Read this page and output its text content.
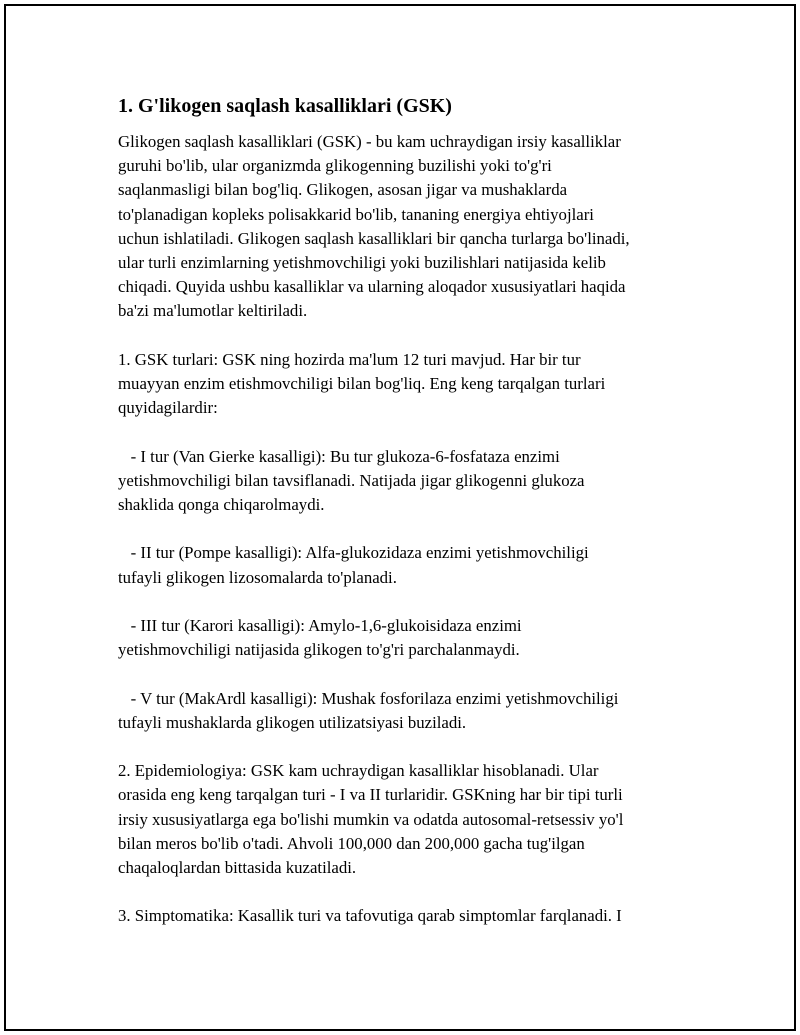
1. G'likogen saqlash kasalliklari (GSK)

Glikogen saqlash kasalliklari (GSK) - bu kam uchraydigan irsiy kasalliklar
guruhi bo'lib, ular organizmda glikogenning buzilishi yoki to'g'ri
saqlanmasligi bilan bog'liq. Glikogen, asosan jigar va mushaklarda
to'planadigan kopleks polisakkarid bo'lib, tananing energiya ehtiyojlari
uchun ishlatiladi. Glikogen saqlash kasalliklari bir qancha turlarga bo'linadi,
ular turli enzimlarning yetishmovchiligi yoki buzilishlari natijasida kelib
chiqadi. Quyida ushbu kasalliklar va ularning aloqador xususiyatlari haqida
ba'zi ma'lumotlar keltiriladi.

1. GSK turlari: GSK ning hozirda ma'lum 12 turi mavjud. Har bir tur
muayyan enzim etishmovchiligi bilan bog'liq. Eng keng tarqalgan turlari
quyidagilardir:

- I tur (Van Gierke kasalligi): Bu tur glukoza-6-fosfataza enzimi
yetishmovchiligi bilan tavsiflanadi. Natijada jigar glikogenni glukoza
shaklida qonga chiqarolmaydi.

- II tur (Pompe kasalligi): Alfa-glukozidaza enzimi yetishmovchiligi
tufayli glikogen lizosomalarda to'planadi.

- III tur (Karori kasalligi): Amylo-1,6-glukoisidaza enzimi
yetishmovchiligi natijasida glikogen to'g'ri parchalanmaydi.

- V tur (MakArdl kasalligi): Mushak fosforilaza enzimi yetishmovchiligi
tufayli mushaklarda glikogen utilizatsiyasi buziladi.

2. Epidemiologiya: GSK kam uchraydigan kasalliklar hisoblanadi. Ular
orasida eng keng tarqalgan turi - I va II turlaridir. GSKning har bir tipi turli
irsiy xususiyatlarga ega bo'lishi mumkin va odatda autosomal-retsessiv yo'l
bilan meros bo'lib o'tadi. Ahvoli 100,000 dan 200,000 gacha tug'ilgan
chaqaloqlardan bittasida kuzatiladi.

3. Simptomatika: Kasallik turi va tafovutiga qarab simptomlar farqlanadi. I
